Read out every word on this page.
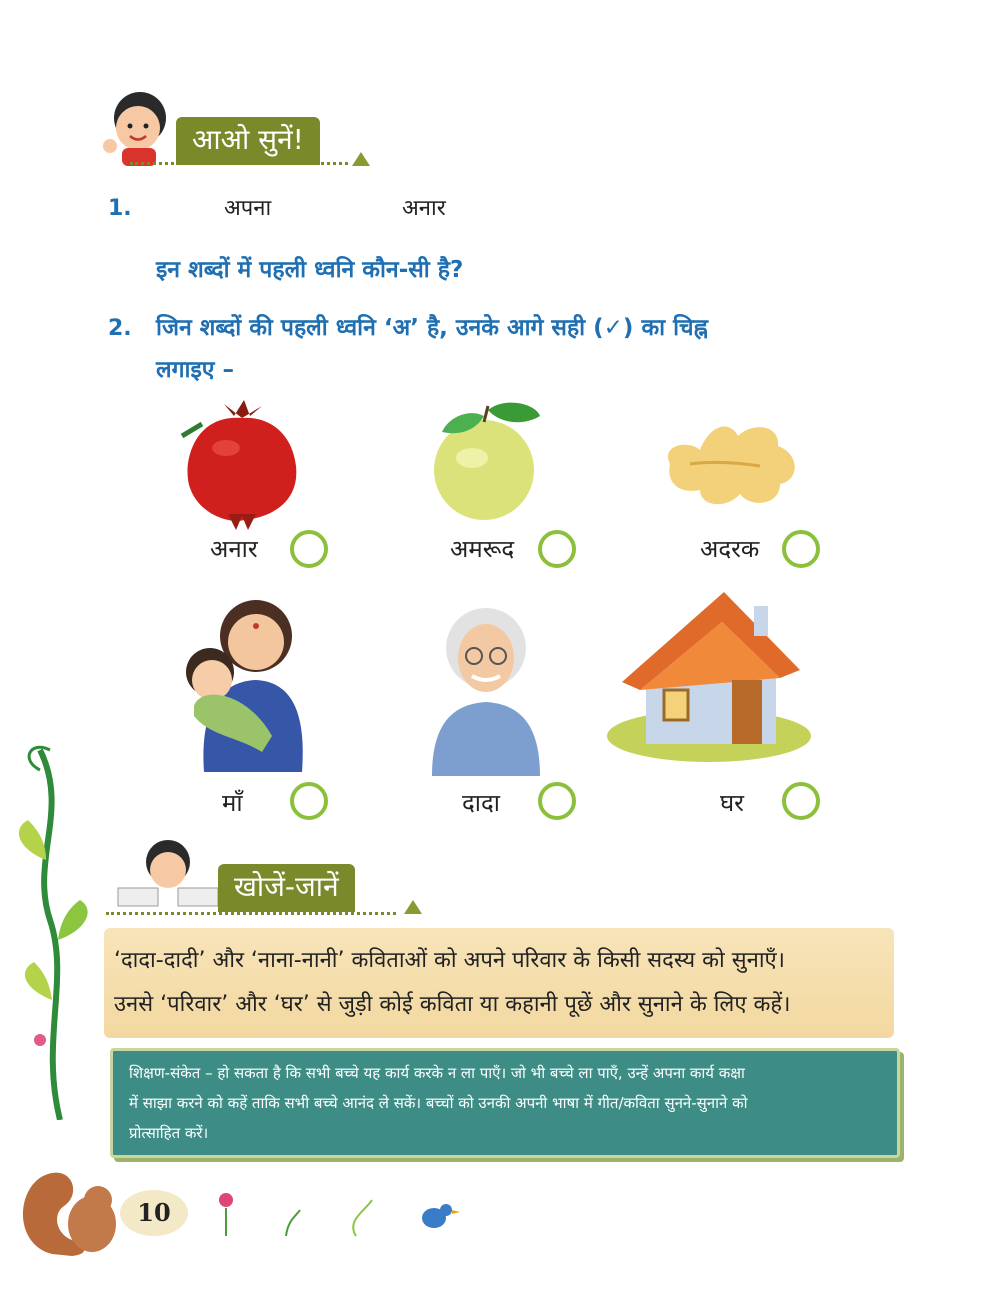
आओ सुनें!
1.	अपना	अनार
इन शब्दों में पहली ध्वनि कौन-सी है?
2. जिन शब्दों की पहली ध्वनि ‘अ’ है, उनके आगे सही (✓) का चिह्न
लगाइए –
अनार	अमरूद	अदरक
माँ	दादा	घर
खोजें-जानें

‘दादा-दादी’ और ‘नाना-नानी’ कविताओं को अपने परिवार के किसी सदस्य को सुनाएँ।

उनसे ‘परिवार’ और ‘घर’ से जुड़ी कोई कविता या कहानी पूछें और सुनाने के लिए कहें।

शिक्षण-संकेत – हो सकता है कि सभी बच्चे यह कार्य करके न ला पाएँ। जो भी बच्चे ला पाएँ, उन्हें अपना कार्य कक्षा

में साझा करने को कहें ताकि सभी बच्चे आनंद ले सकें। बच्चों को उनकी अपनी भाषा में गीत/कविता सुनने-सुनाने को

प्रोत्साहित करें।

10
